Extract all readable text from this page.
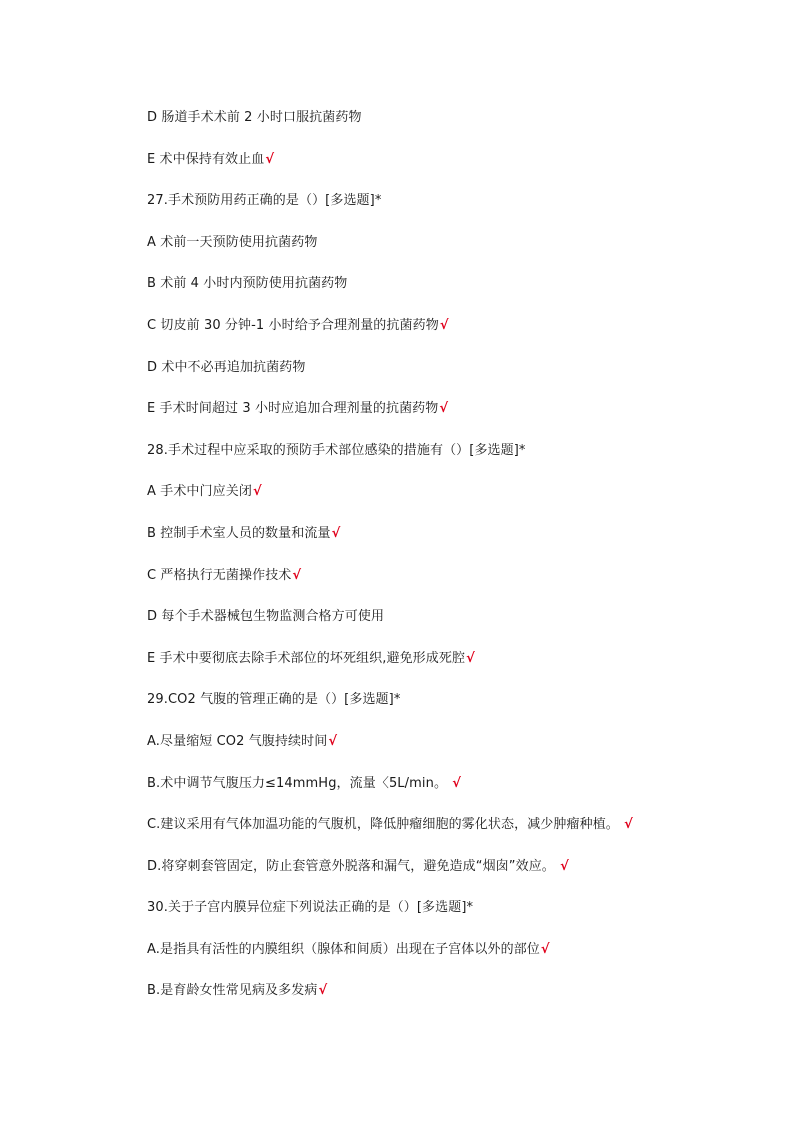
D 肠道手术术前 2 小时口服抗菌药物
E 术中保持有效止血√
27.手术预防用药正确的是（）[多选题]*
A 术前一天预防使用抗菌药物
B 术前 4 小时内预防使用抗菌药物
C 切皮前 30 分钟-1 小时给予合理剂量的抗菌药物√
D 术中不必再追加抗菌药物
E 手术时间超过 3 小时应追加合理剂量的抗菌药物√
28.手术过程中应采取的预防手术部位感染的措施有（）[多选题]*
A 手术中门应关闭√
B 控制手术室人员的数量和流量√
C 严格执行无菌操作技术√
D 每个手术器械包生物监测合格方可使用
E 手术中要彻底去除手术部位的坏死组织,避免形成死腔√
29.CO2 气腹的管理正确的是（）[多选题]*
A.尽量缩短 CO2 气腹持续时间√
B.术中调节气腹压力≤14mmHg，流量〈5L/min。 √
C.建议采用有气体加温功能的气腹机，降低肿瘤细胞的雾化状态，减少肿瘤种植。 √
D.将穿刺套管固定，防止套管意外脱落和漏气，避免造成“烟囱”效应。 √
30.关于子宫内膜异位症下列说法正确的是（）[多选题]*
A.是指具有活性的内膜组织（腺体和间质）出现在子宫体以外的部位√
B.是育龄女性常见病及多发病√
